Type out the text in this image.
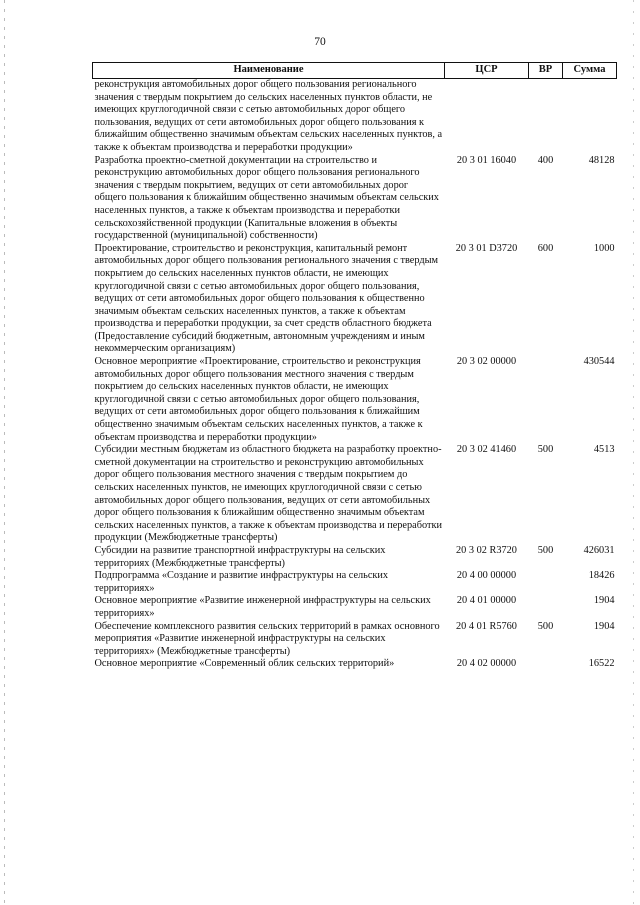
70
Наименование	ЦСР	ВР	Сумма
реконструкция автомобильных дорог общего пользования регионального значения с твердым покрытием до сельских населенных пунктов области, не имеющих круглогодичной связи с сетью автомобильных дорог общего пользования, ведущих от сети автомобильных дорог общего пользования к ближайшим общественно значимым объектам сельских населенных пунктов, а также к объектам производства и переработки продукции»			
Разработка проектно-сметной документации на строительство и реконструкцию автомобильных дорог общего пользования регионального значения с твердым покрытием, ведущих от сети автомобильных дорог общего пользования к ближайшим общественно значимым объектам сельских населенных пунктов, а также к объектам производства и переработки сельскохозяйственной продукции (Капитальные вложения в объекты государственной (муниципальной) собственности)	20 3 01 16040	400	48128
Проектирование, строительство и реконструкция, капитальный ремонт автомобильных дорог общего пользования регионального значения с твердым покрытием до сельских населенных пунктов области, не имеющих круглогодичной связи с сетью автомобильных дорог общего пользования, ведущих от сети автомобильных дорог общего пользования к общественно значимым объектам сельских населенных пунктов, а также к объектам производства и переработки продукции, за счет средств областного бюджета (Предоставление субсидий бюджетным, автономным учреждениям и иным некоммерческим организациям)	20 3 01 D3720	600	1000
Основное мероприятие «Проектирование, строительство и реконструкция автомобильных дорог общего пользования местного значения с твердым покрытием до сельских населенных пунктов области, не имеющих круглогодичной связи с сетью автомобильных дорог общего пользования, ведущих от сети автомобильных дорог общего пользования к ближайшим общественно значимым объектам сельских населенных пунктов, а также к объектам производства и переработки продукции»	20 3 02 00000		430544
Субсидии местным бюджетам из областного бюджета на разработку проектно-сметной документации на строительство и реконструкцию автомобильных дорог общего пользования местного значения с твердым покрытием до сельских населенных пунктов, не имеющих круглогодичной связи с сетью автомобильных дорог общего пользования, ведущих от сети автомобильных дорог общего пользования к ближайшим общественно значимым объектам сельских населенных пунктов, а также к объектам производства и переработки продукции (Межбюджетные трансферты)	20 3 02 41460	500	4513
Субсидии на развитие транспортной инфраструктуры на сельских территориях (Межбюджетные трансферты)	20 3 02 R3720	500	426031
Подпрограмма «Создание и развитие инфраструктуры на сельских территориях»	20 4 00 00000		18426
Основное мероприятие «Развитие инженерной инфраструктуры на сельских территориях»	20 4 01 00000		1904
Обеспечение комплексного развития сельских территорий в рамках основного мероприятия «Развитие инженерной инфраструктуры на сельских территориях» (Межбюджетные трансферты)	20 4 01 R5760	500	1904
Основное мероприятие «Современный облик сельских территорий»	20 4 02 00000		16522
